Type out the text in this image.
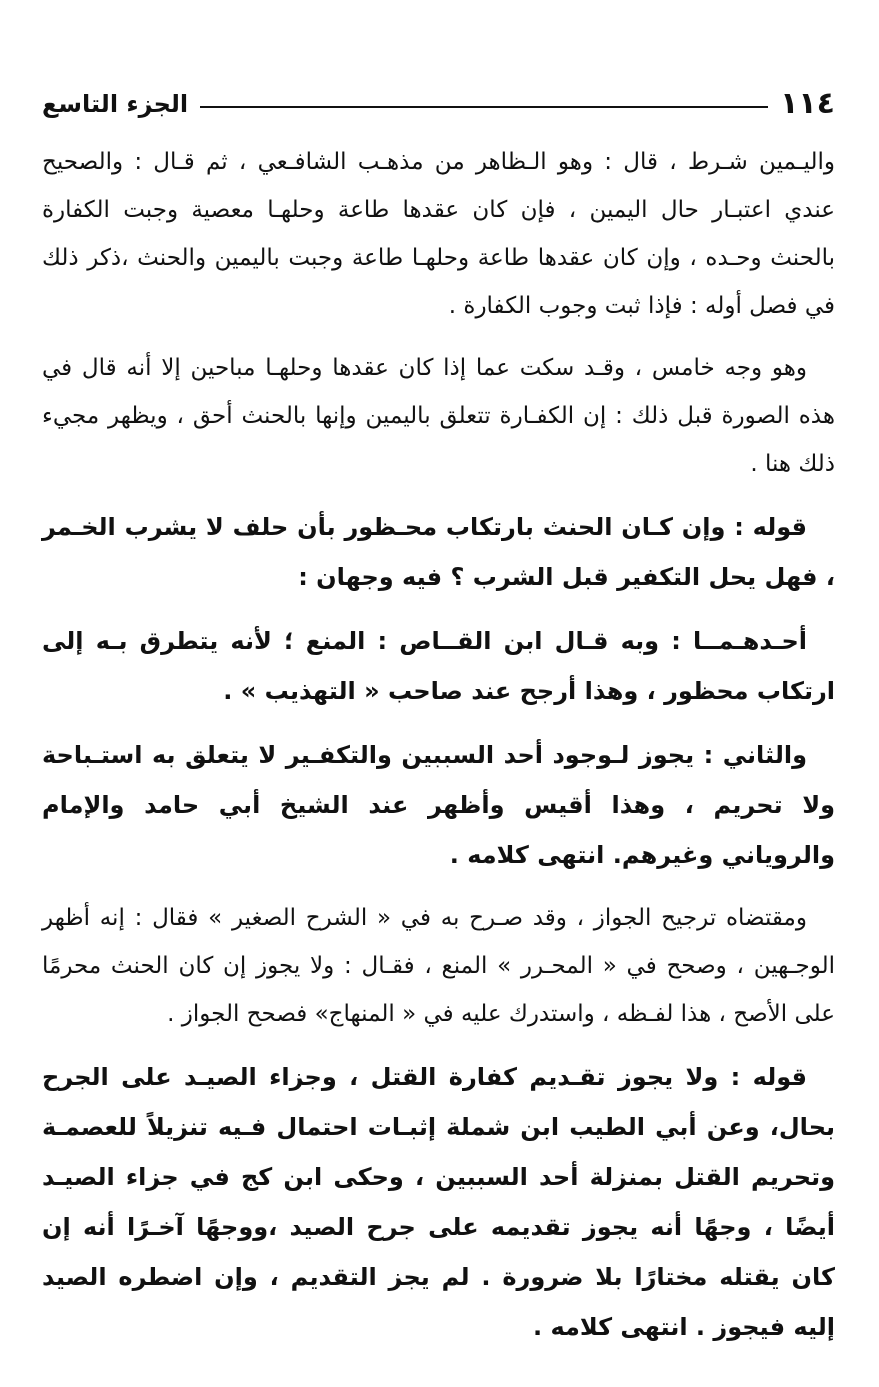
١١٤
الجزء التاسع

واليـمين شـرط ، قال : وهو الـظاهر من مذهـب الشافـعي ، ثم قـال : والصحيح عندي اعتبـار حال اليمين ، فإن كان عقدها طاعة وحلهـا معصية وجبت الكفارة بالحنث وحـده ، وإن كان عقدها طاعة وحلهـا طاعة وجبت باليمين والحنث ،ذكر ذلك في فصل أوله : فإذا ثبت وجوب الكفارة .

وهو وجه خامس ، وقـد سكت عما إذا كان عقدها وحلهـا مباحين إلا أنه قال في هذه الصورة قبل ذلك : إن الكفـارة تتعلق باليمين وإنها بالحنث أحق ، ويظهر مجيء ذلك هنا .

قوله : وإن كـان الحنث بارتكاب محـظور بأن حلف لا يشرب الخـمر ، فهل يحل التكفير قبل الشرب ؟ فيه وجهان :

أحـدهـمــا : وبه قـال ابن القــاص : المنع ؛ لأنه يتطرق بـه إلى ارتكاب محظور ، وهذا أرجح عند صاحب « التهذيب » .

والثاني : يجوز لـوجود أحد السببين والتكفـير لا يتعلق به استـباحة ولا تحريم ، وهذا أقيس وأظهر عند الشيخ أبي حامد والإمام والروياني وغيرهم. انتهى كلامه .

ومقتضاه ترجيح الجواز ، وقد صـرح به في « الشرح الصغير » فقال : إنه أظهر الوجـهين ، وصحح في « المحـرر » المنع ، فقـال : ولا يجوز إن كان الحنث محرمًا على الأصح ، هذا لفـظه ، واستدرك عليه في « المنهاج» فصحح الجواز .

قوله : ولا يجوز تقـديم كفارة القتل ، وجزاء الصيـد على الجرح بحال، وعن أبي الطيب ابن شملة إثبـات احتمال فـيه تنزيلاً للعصمـة وتحريم القتل بمنزلة أحد السببين ، وحكى ابن كج في جزاء الصيـد أيضًا ، وجهًا أنه يجوز تقديمه على جرح الصيد ،ووجهًا آخـرًا أنه إن كان يقتله مختارًا بلا ضرورة . لم يجز التقديم ، وإن اضطره الصيد إليه فيجوز . انتهى كلامه .
